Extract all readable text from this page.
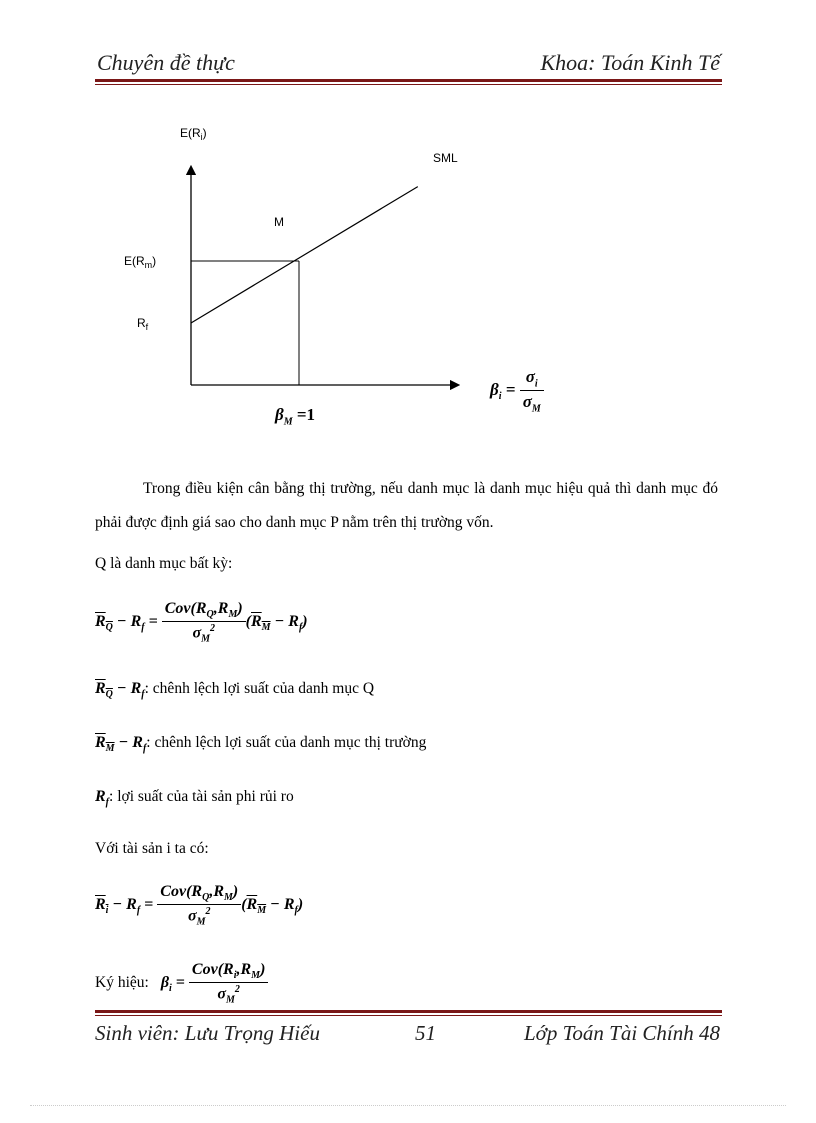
Chuyên đề thực	Khoa: Toán Kinh Tế
$E(R_i)$
SML
M
$E(R_m)$
$R_f$
$\beta_i = \frac{\sigma_i}{\sigma_M}$
$\beta_M =1$
Trong điều kiện cân bằng thị trường, nếu danh mục là danh mục hiệu quả thì danh mục đó phải được định giá sao cho danh mục P nằm trên thị trường vốn.
Q là danh mục bất kỳ:
$R_Q - R_f = \frac{Cov(R_Q,R_M)}{\sigma_M^2} (R_M - R_f)$
$R_Q - R_f$: chênh lệch lợi suất của danh mục Q
$R_M - R_f$: chênh lệch lợi suất của danh mục thị trường
$R_f$: lợi suất của tài sản phi rủi ro
Với tài sản i ta có:
$R_i - R_f = \frac{Cov(R_Q,R_M)}{\sigma_M^2} (R_M - R_f)$
Ký hiệu: $\beta_i = \frac{Cov(R_i,R_M)}{\sigma_M^2}$
Sinh viên: Lưu Trọng Hiếu	51	Lớp Toán Tài Chính 48
